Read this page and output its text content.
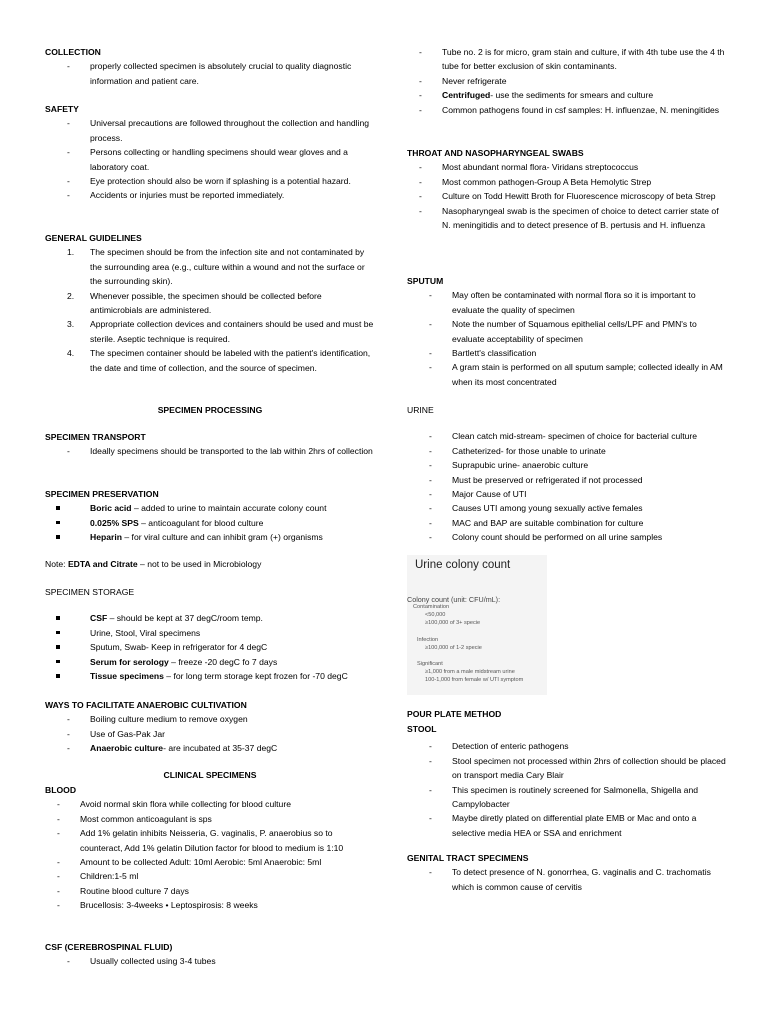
COLLECTION
- properly collected specimen is absolutely crucial to quality diagnostic information and patient care.
SAFETY
- Universal precautions are followed throughout the collection and handling process.
- Persons collecting or handling specimens should wear gloves and a laboratory coat.
- Eye protection should also be worn if splashing is a potential hazard.
- Accidents or injuries must be reported immediately.
GENERAL GUIDELINES
The specimen should be from the infection site and not contaminated by the surrounding area (e.g., culture within a wound and not the surface or the surrounding skin).
Whenever possible, the specimen should be collected before antimicrobials are administered.
Appropriate collection devices and containers should be used and must be sterile. Aseptic technique is required.
The specimen container should be labeled with the patient's identification, the date and time of collection, and the source of specimen.
SPECIMEN PROCESSING
SPECIMEN TRANSPORT
- Ideally specimens should be transported to the lab within 2hrs of collection
SPECIMEN PRESERVATION
Boric acid – added to urine to maintain accurate colony count
0.025% SPS – anticoagulant for blood culture
Heparin – for viral culture and can inhibit gram (+) organisms
Note: EDTA and Citrate – not to be used in Microbiology
SPECIMEN STORAGE
CSF – should be kept at 37 degC/room temp.
Urine, Stool, Viral specimens
Sputum, Swab- Keep in refrigerator for 4 degC
Serum for serology – freeze -20 degC fo 7 days
Tissue specimens – for long term storage kept frozen for -70 degC
WAYS TO FACILITATE ANAEROBIC CULTIVATION
- Boiling culture medium to remove oxygen
- Use of Gas-Pak Jar
- Anaerobic culture- are incubated at 35-37 degC
CLINICAL SPECIMENS
BLOOD
- Avoid normal skin flora while collecting for blood culture
- Most common anticoagulant is sps
- Add 1% gelatin inhibits Neisseria, G. vaginalis, P. anaerobius so to counteract, Add 1% gelatin Dilution factor for blood to medium is 1:10
- Amount to be collected Adult: 10ml Aerobic: 5ml Anaerobic: 5ml
- Children:1-5 ml
- Routine blood culture 7 days
- Brucellosis: 3-4weeks • Leptospirosis: 8 weeks
CSF (CEREBROSPINAL FLUID)
- Usually collected using 3-4 tubes
- Tube no. 2 is for micro, gram stain and culture, if with 4th tube use the 4 th tube for better exclusion of skin contaminants.
- Never refrigerate
- Centrifuged- use the sediments for smears and culture
- Common pathogens found in csf samples: H. influenzae, N. meningitides
THROAT AND NASOPHARYNGEAL SWABS
- Most abundant normal flora- Viridans streptococcus
- Most common pathogen-Group A Beta Hemolytic Strep
- Culture on Todd Hewitt Broth for Fluorescence microscopy of beta Strep
- Nasopharyngeal swab is the specimen of choice to detect carrier state of N. meningitidis and to detect presence of B. pertusis and H. influenza
SPUTUM
- May often be contaminated with normal flora so it is important to evaluate the quality of specimen
- Note the number of Squamous epithelial cells/LPF and PMN's to evaluate acceptability of specimen
- Bartlett's classification
- A gram stain is performed on all sputum sample; collected ideally in AM when its most concentrated
URINE
- Clean catch mid-stream- specimen of choice for bacterial culture
- Catheterized- for those unable to urinate
- Suprapubic urine- anaerobic culture
- Must be preserved or refrigerated if not processed
- Major Cause of UTI
- Causes UTI among young sexually active females
- MAC and BAP are suitable combination for culture
- Colony count should be performed on all urine samples
POUR PLATE METHOD
STOOL
- Detection of enteric pathogens
- Stool specimen not processed within 2hrs of collection should be placed on transport media Cary Blair
- This specimen is routinely screened for Salmonella, Shigella and Campylobacter
- Maybe diretly plated on differential plate EMB or Mac and onto a selective media HEA or SSA and enrichment
GENITAL TRACT SPECIMENS
- To detect presence of N. gonorrhea, G. vaginalis and C. trachomatis which is common cause of cervitis
Urine colony count
Colony count (unit: CFU/mL):
Contamination
<50,000
≥100,000 of 3+ specie
Infection
≥100,000 of 1-2 specie
Significant
≥1,000 from a male midstream urine
100-1,000 from female w/ UTI symptom
